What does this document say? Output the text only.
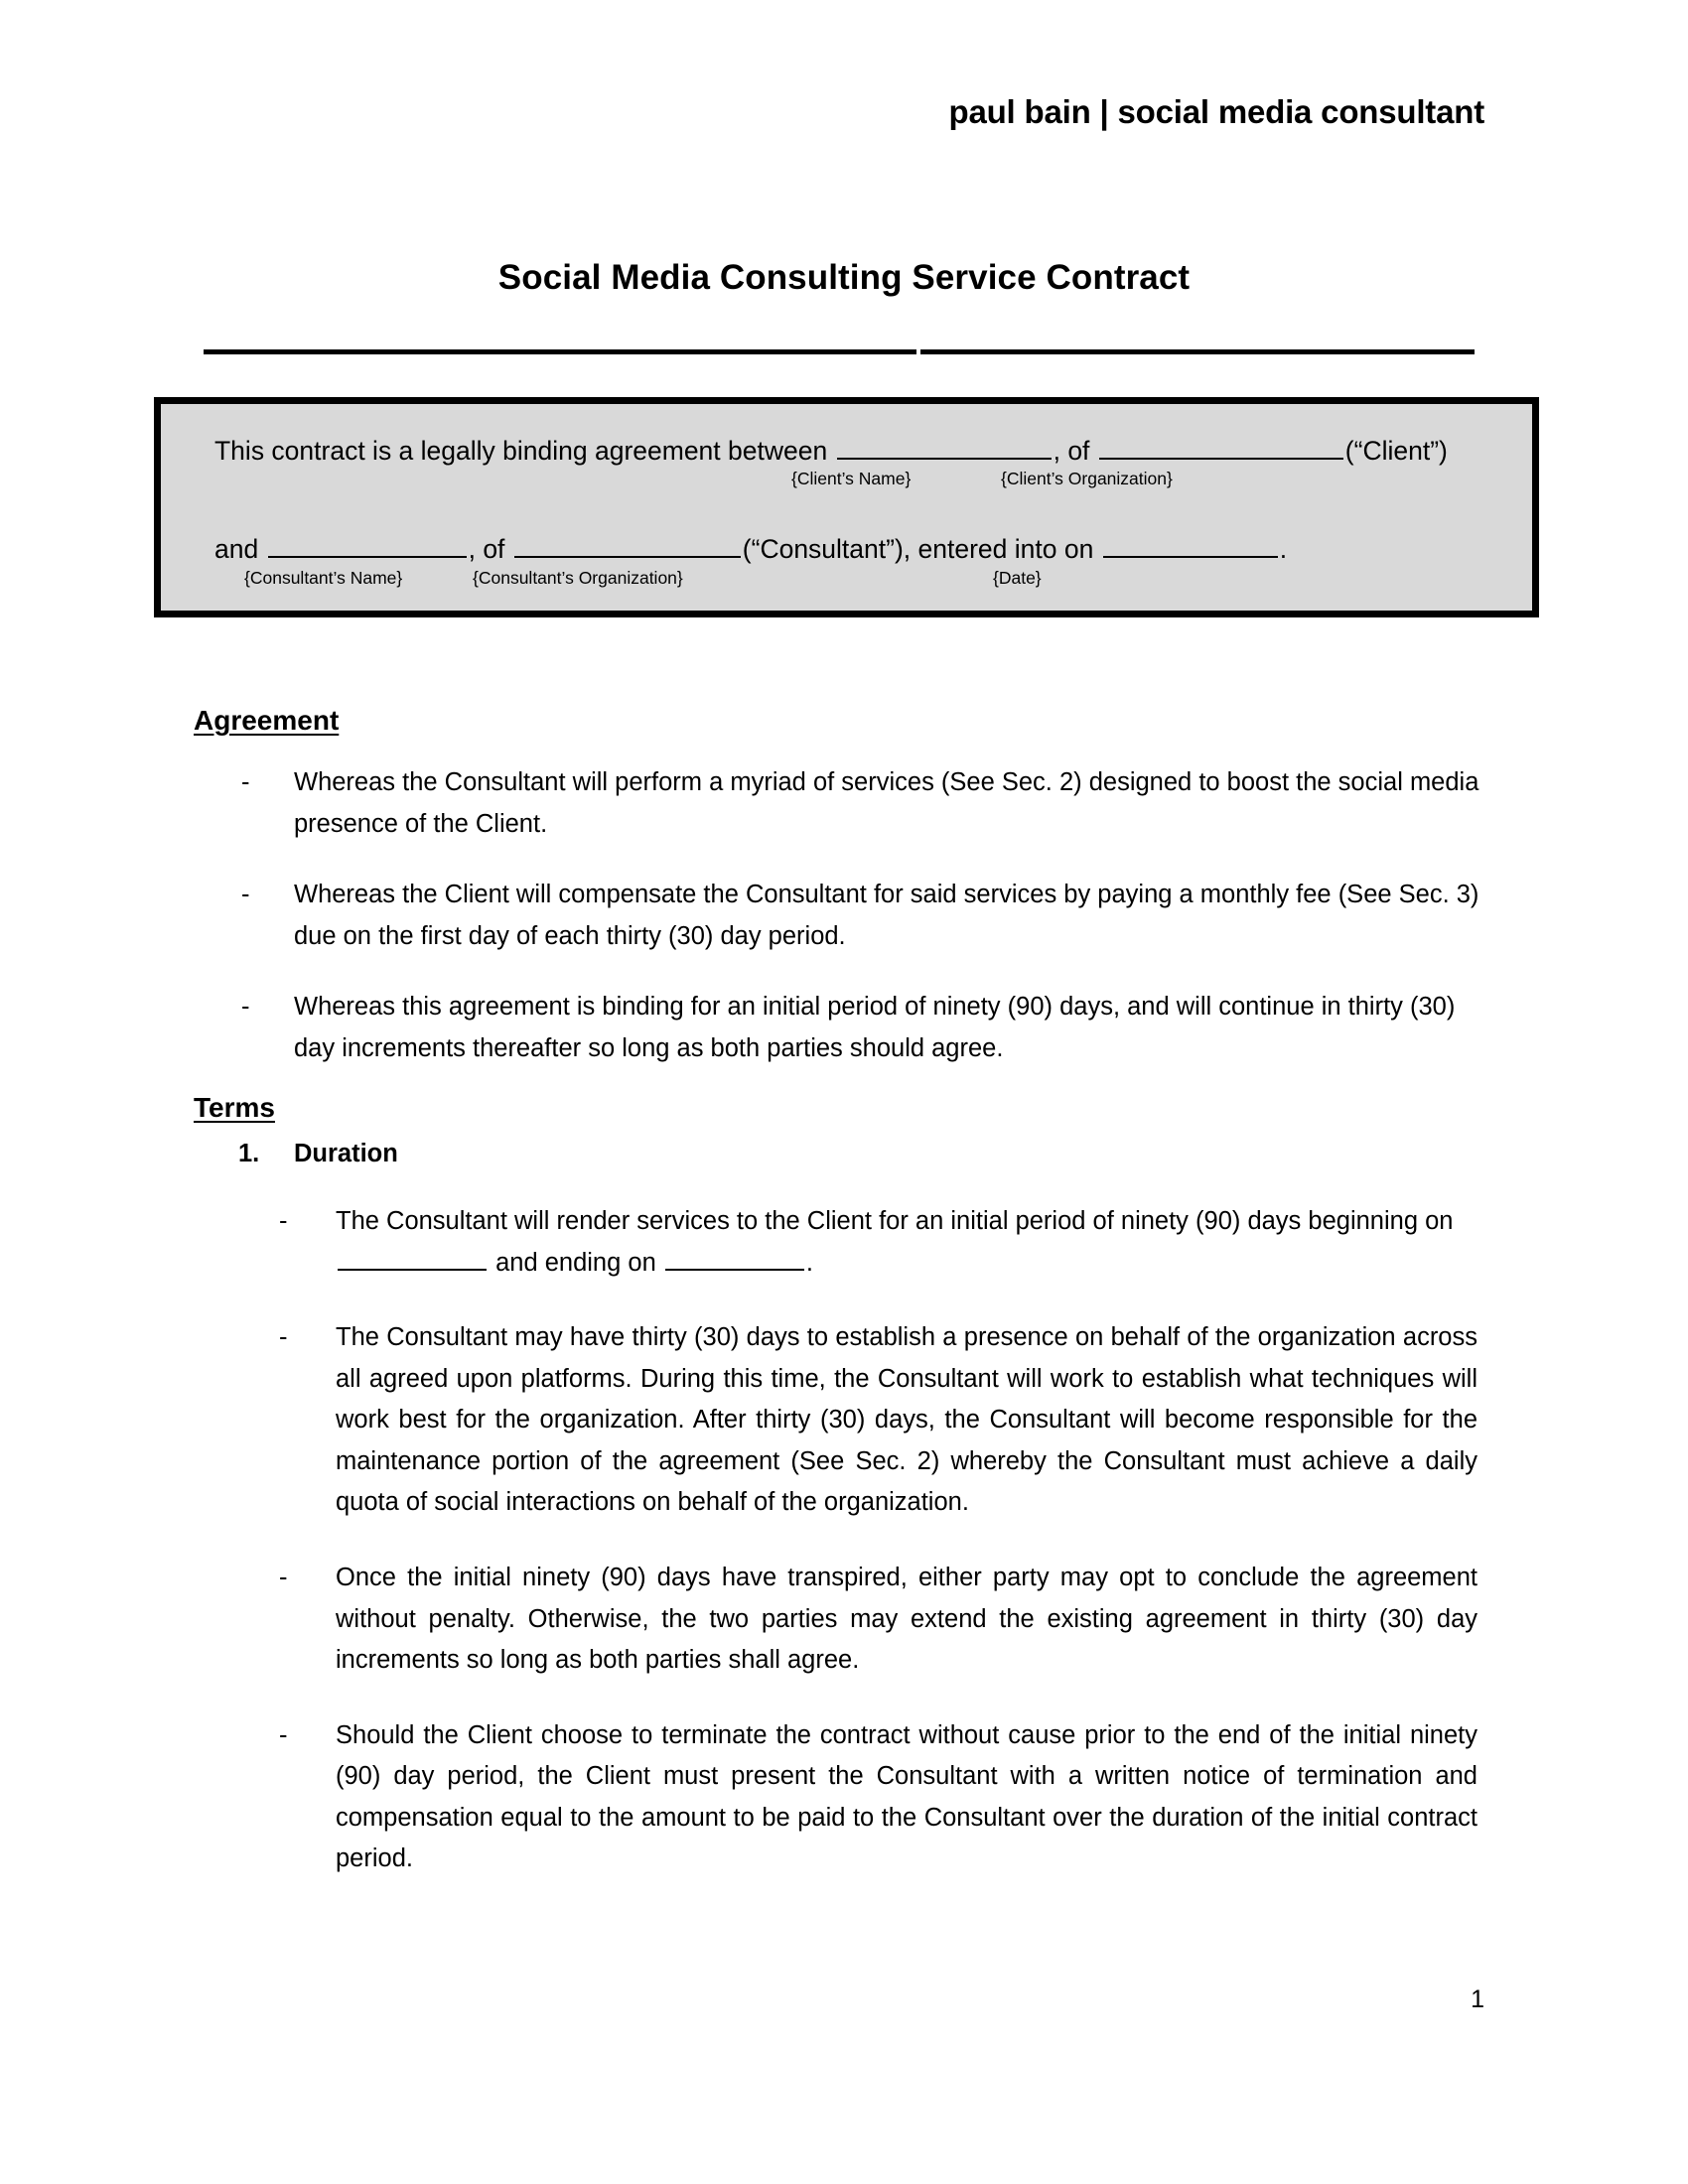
paul bain | social media consultant
Social Media Consulting Service Contract
This contract is a legally binding agreement between	, of	(“Client”)
{Client’s Name}	{Client’s Organization}
and	, of	(“Consultant”), entered into on	.
{Consultant’s Name}	{Consultant’s Organization}	{Date}
Agreement
- Whereas the Consultant will perform a myriad of services (See Sec. 2) designed to boost the social media presence of the Client.
- Whereas the Client will compensate the Consultant for said services by paying a monthly fee (See Sec. 3) due on the first day of each thirty (30) day period.
- Whereas this agreement is binding for an initial period of ninety (90) days, and will continue in thirty (30) day increments thereafter so long as both parties should agree.
Terms
1. Duration
- The Consultant will render services to the Client for an initial period of ninety (90) days beginning on  and ending on	.
- The Consultant may have thirty (30) days to establish a presence on behalf of the organization across all agreed upon platforms. During this time, the Consultant will work to establish what techniques will work best for the organization. After thirty (30) days, the Consultant will become responsible for the maintenance portion of the agreement (See Sec. 2) whereby the Consultant must achieve a daily quota of social interactions on behalf of the organization.
- Once the initial ninety (90) days have transpired, either party may opt to conclude the agreement without penalty. Otherwise, the two parties may extend the existing agreement in thirty (30) day increments so long as both parties shall agree.
- Should the Client choose to terminate the contract without cause prior to the end of the initial ninety (90) day period, the Client must present the Consultant with a written notice of termination and compensation equal to the amount to be paid to the Consultant over the duration of the initial contract period.
1
